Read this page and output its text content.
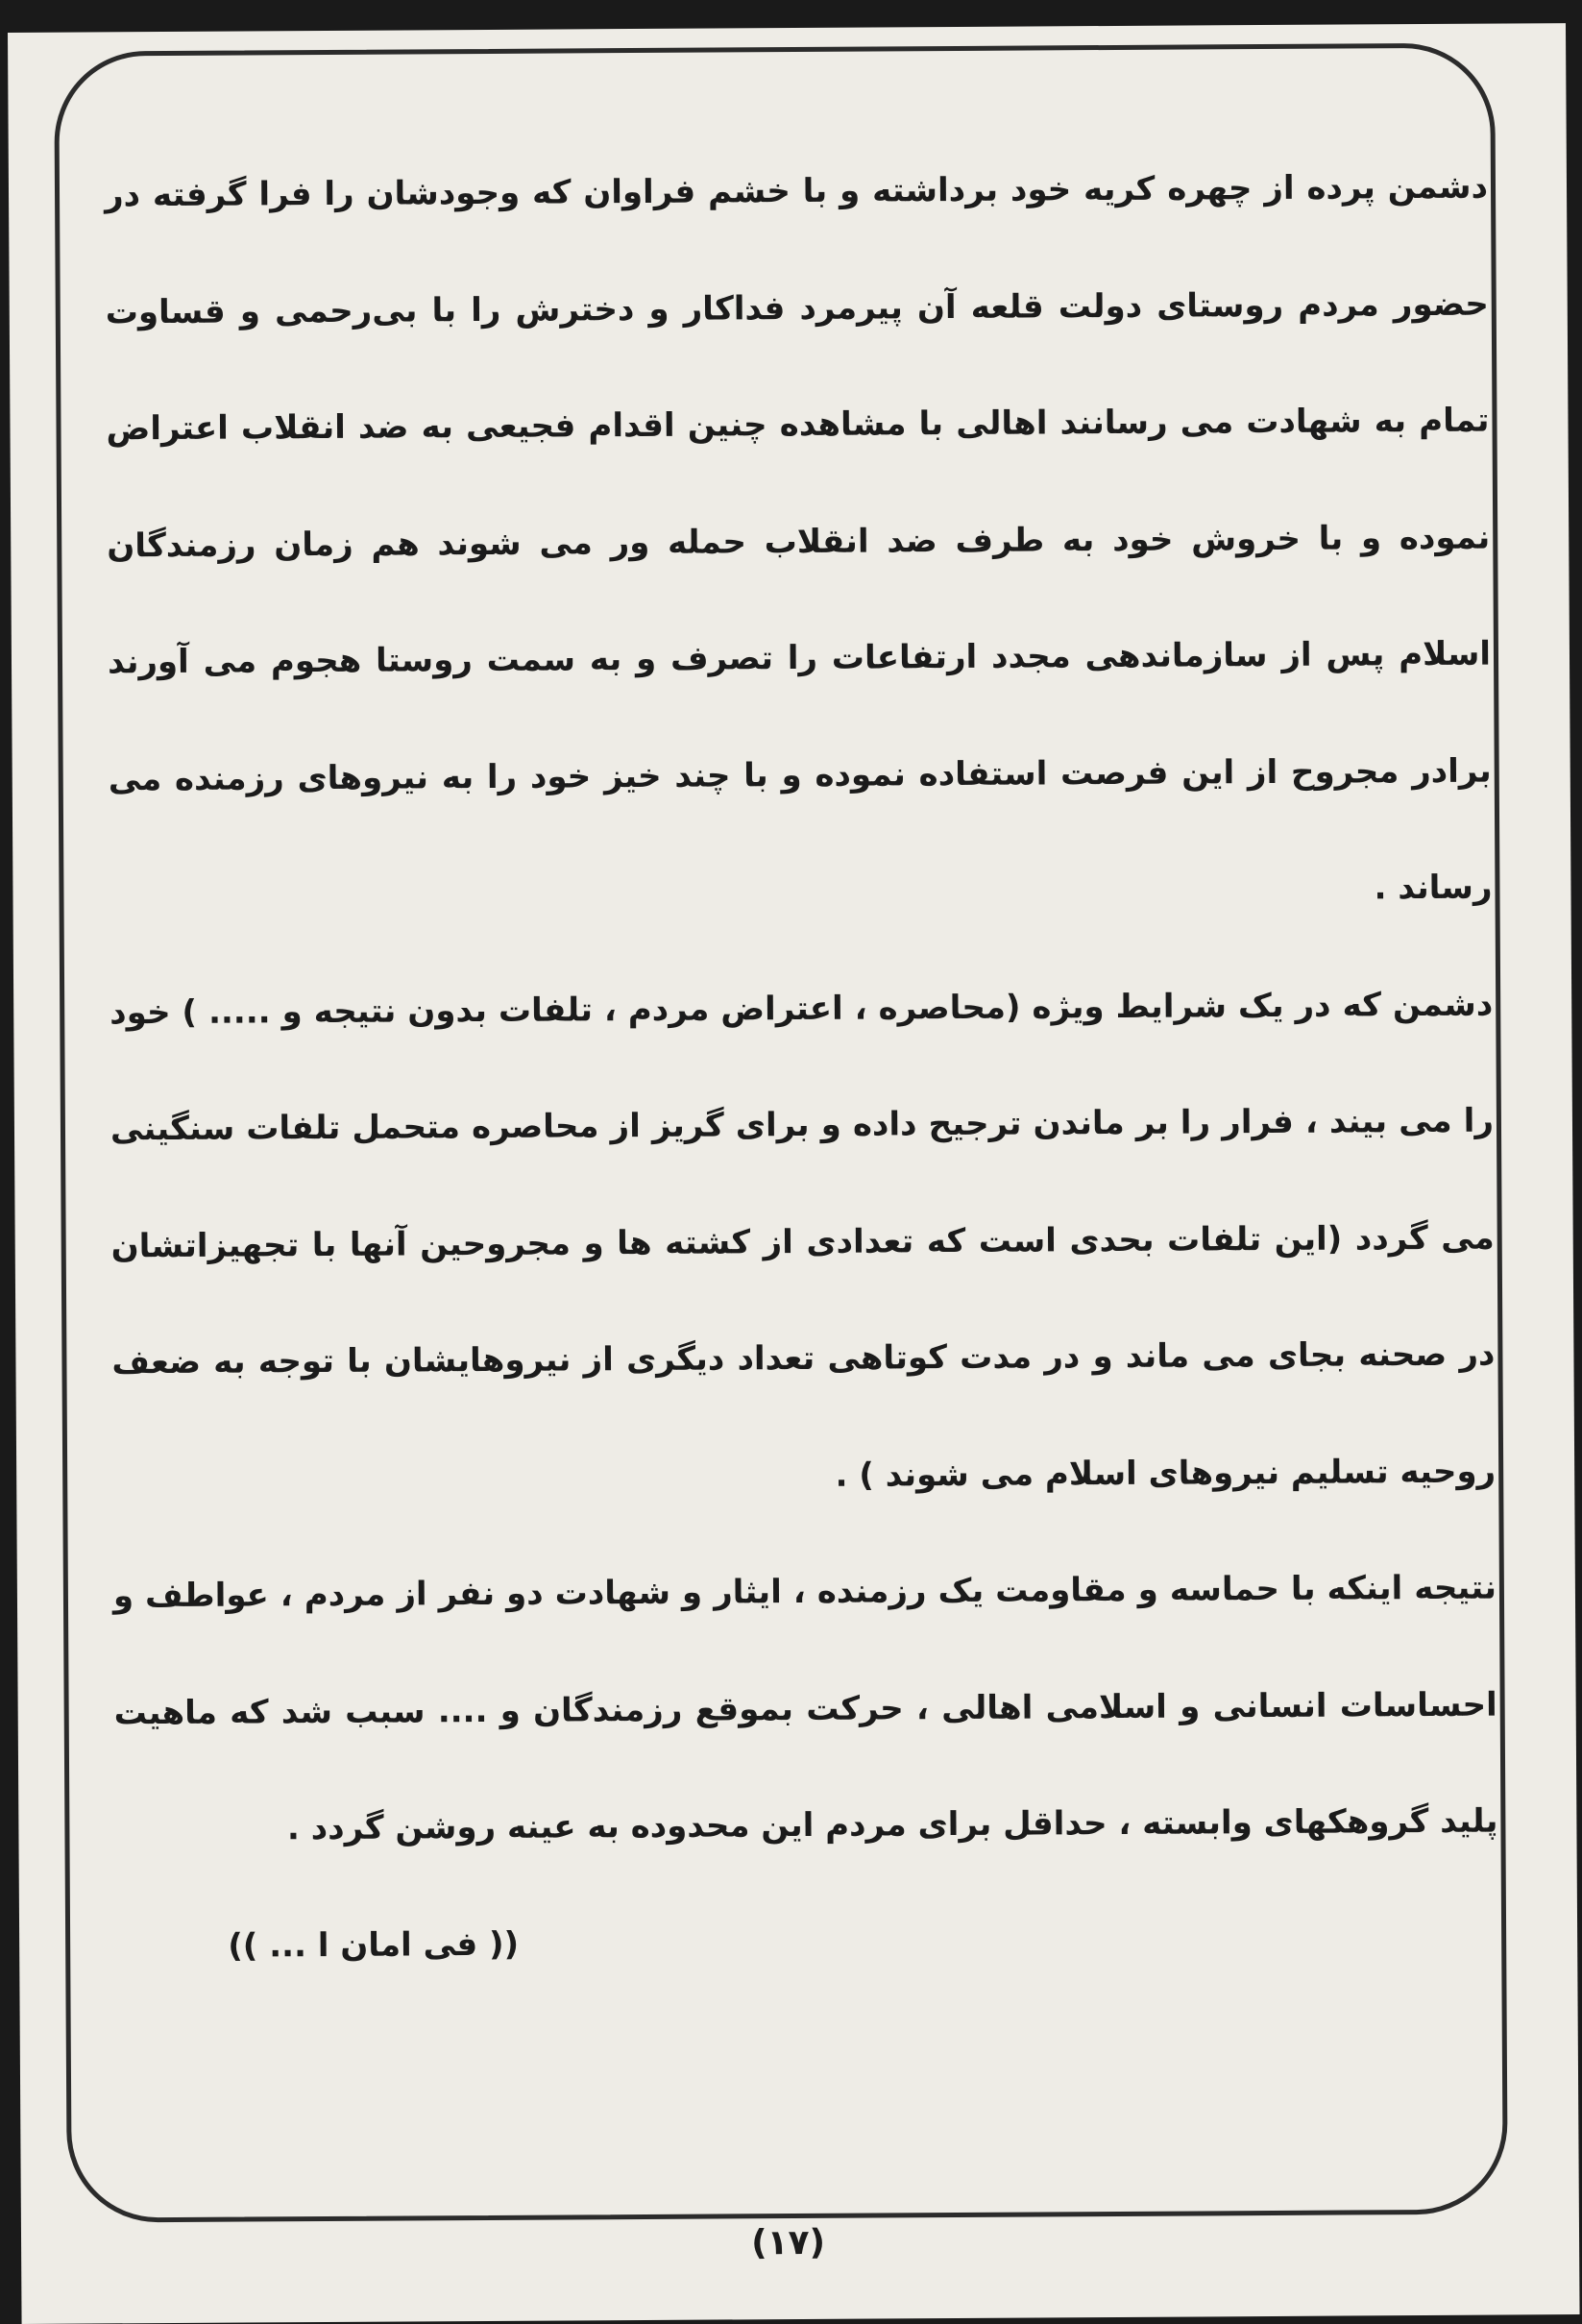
دشمن پرده از چهره کریه خود برداشته و با خشم فراوان که وجودشان را فرا گرفته در حضور مردم روستای دولت قلعه آن پیرمرد فداکار و دخترش را با بی‌رحمی و قساوت تمام به شهادت می رسانند اهالی با مشاهده چنین اقدام فجیعی به ضد انقلاب اعتراض نموده و با خروش خود به طرف ضد انقلاب حمله ور می شوند هم زمان رزمندگان اسلام پس از سازماندهی مجدد ارتفاعات را تصرف و به سمت روستا هجوم می آورند برادر مجروح از این فرصت استفاده نموده و با چند خیز خود را به نیروهای رزمنده می رساند .

دشمن که در یک شرایط ویژه (محاصره ، اعتراض مردم ، تلفات بدون نتیجه و ..... ) خود را می بیند ، فرار را بر ماندن ترجیح داده و برای گریز از محاصره متحمل تلفات سنگینی می گردد (این تلفات بحدی است که تعدادی از کشته ها و مجروحین آنها با تجهیزاتشان در صحنه بجای می ماند و در مدت کوتاهی تعداد دیگری از نیروهایشان با توجه به ضعف روحیه تسلیم نیروهای اسلام می شوند ) .

نتیجه اینکه با حماسه و مقاومت یک رزمنده ، ایثار و شهادت دو نفر از مردم ، عواطف و احساسات انسانی و اسلامی اهالی ، حرکت بموقع رزمندگان و .... سبب شد که ماهیت پلید گروهکهای وابسته ، حداقل برای مردم این محدوده به عینه روشن گردد .

(( فی امان ا ... ))

(۱۷)
